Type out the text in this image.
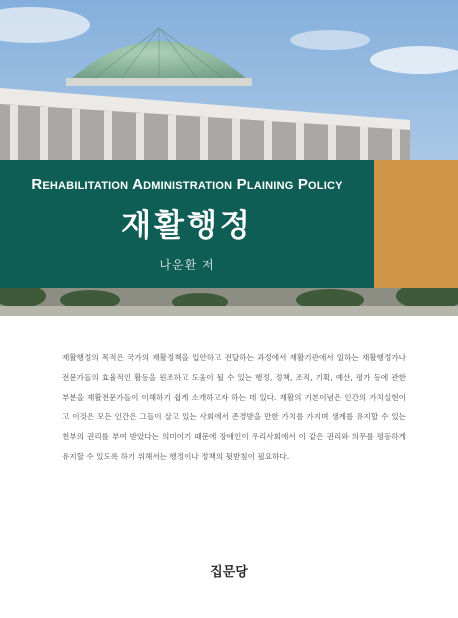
Rehabilitation Administration Plaining Policy
재활행정
나운환 저
재활행정의 목적은 국가의 재활정책을 입안하고 전달하는 과정에서 재활기관에서 일하는 재활행정가나 전문가들의 효율적인 활동을 원조하고 도움이 될 수 있는 행정, 정책, 조직, 기획, 예산, 평가 등에 관한 부분을 재활전문가들이 이해하기 쉽게 소개하고자 하는 데 있다. 재활의 기본이념은 인간의 가치실현이고 이것은 모든 인간은 그들이 살고 있는 사회에서 존경받을 만한 가치를 가지며 생계를 유지할 수 있는 천부의 권리를 부여 받았다는 의미이기 때문에 장애인이 우리사회에서 이 같은 권리와 의무를 평등하게 유지할 수 있도록 하기 위해서는 행정이나 정책의 뒷받침이 필요하다.
집문당
